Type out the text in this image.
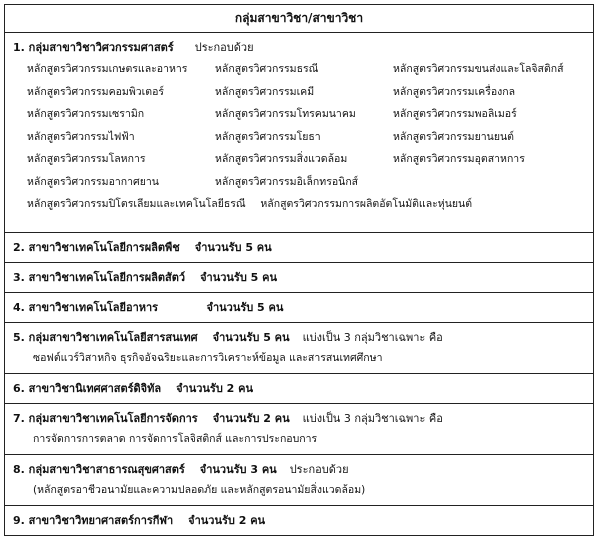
กลุ่มสาขาวิชา/สาขาวิชา
1. กลุ่มสาขาวิชาวิศวกรรมศาสตร์ ประกอบด้วย
หลักสูตรวิศวกรรมเกษตรและอาหาร	หลักสูตรวิศวกรรมธรณี	หลักสูตรวิศวกรรมขนส่งและโลจิสติกส์
หลักสูตรวิศวกรรมคอมพิวเตอร์	หลักสูตรวิศวกรรมเคมี	หลักสูตรวิศวกรรมเครื่องกล
หลักสูตรวิศวกรรมเซรามิก	หลักสูตรวิศวกรรมโทรคมนาคม	หลักสูตรวิศวกรรมพอลิเมอร์
หลักสูตรวิศวกรรมไฟฟ้า	หลักสูตรวิศวกรรมโยธา	หลักสูตรวิศวกรรมยานยนต์
หลักสูตรวิศวกรรมโลหการ	หลักสูตรวิศวกรรมสิ่งแวดล้อม	หลักสูตรวิศวกรรมอุตสาหการ
หลักสูตรวิศวกรรมอากาศยาน	หลักสูตรวิศวกรรมอิเล็กทรอนิกส์
หลักสูตรวิศวกรรมปิโตรเลียมและเทคโนโลยีธรณี หลักสูตรวิศวกรรมการผลิตอัตโนมัติและหุ่นยนต์
2. สาขาวิชาเทคโนโลยีการผลิตพืช จำนวนรับ 5 คน
3. สาขาวิชาเทคโนโลยีการผลิตสัตว์ จำนวนรับ 5 คน
4. สาขาวิชาเทคโนโลยีอาหาร	จำนวนรับ 5 คน
5. กลุ่มสาขาวิชาเทคโนโลยีสารสนเทศ จำนวนรับ 5 คน แบ่งเป็น 3 กลุ่มวิชาเฉพาะ คือ
ซอฟต์แวร์วิสาหกิจ ธุรกิจอัจฉริยะและการวิเคราะห์ข้อมูล และสารสนเทศศึกษา
6. สาขาวิชานิเทศศาสตร์ดิจิทัล จำนวนรับ 2 คน
7. กลุ่มสาขาวิชาเทคโนโลยีการจัดการ จำนวนรับ 2 คน แบ่งเป็น 3 กลุ่มวิชาเฉพาะ คือ
การจัดการการตลาด การจัดการโลจิสติกส์ และการประกอบการ
8. กลุ่มสาขาวิชาสาธารณสุขศาสตร์ จำนวนรับ 3 คน ประกอบด้วย
(หลักสูตรอาชีวอนามัยและความปลอดภัย และหลักสูตรอนามัยสิ่งแวดล้อม)
9. สาขาวิชาวิทยาศาสตร์การกีฬา จำนวนรับ 2 คน
